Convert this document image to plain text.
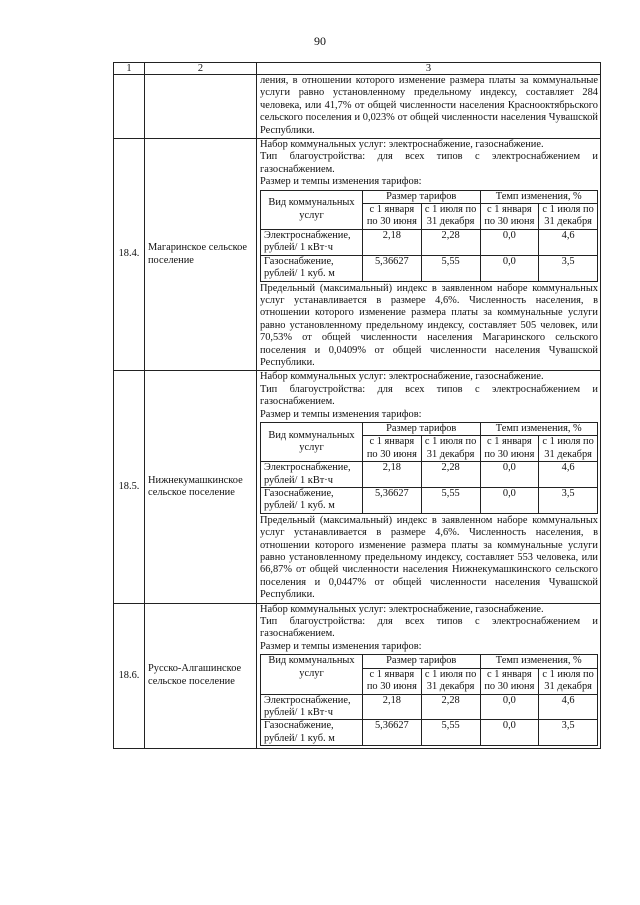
90
1	2	3

ления, в отношении которого изменение размера платы за коммунальные услуги равно установленному предельному индексу, составляет 284 человека, или 41,7% от общей численности населения Краснооктябрьского сельского поселения и 0,023% от общей численности населения Чувашской Республики.

18.4.	Магаринское сельское поселение	
Набор коммунальных услуг: электроснабжение, газоснабжение.
Тип благоустройства: для всех типов с электроснабжением и газоснабжением.
Размер и темпы изменения тарифов:
Вид коммунальных услуг	Размер тарифов	Темп изменения, %
с 1 января по 30 июня	с 1 июля по 31 декабря	с 1 января по 30 июня	с 1 июля по 31 декабря
Электроснабжение, рублей/ 1 кВт·ч	2,18	2,28	0,0	4,6
Газоснабжение, рублей/ 1 куб. м	5,36627	5,55	0,0	3,5

Предельный (максимальный) индекс в заявленном наборе коммунальных услуг устанавливается в размере 4,6%. Численность населения, в отношении которого изменение размера платы за коммунальные услуги равно установленному предельному индексу, составляет 505 человек, или 70,53% от общей численности населения Магаринского сельского поселения и 0,0409% от общей численности населения Чувашской Республики.

18.5.	Нижнекумашкинское сельское поселение	
Набор коммунальных услуг: электроснабжение, газоснабжение.
Тип благоустройства: для всех типов с электроснабжением и газоснабжением.
Размер и темпы изменения тарифов:
Вид коммунальных услуг	Размер тарифов	Темп изменения, %
с 1 января по 30 июня	с 1 июля по 31 декабря	с 1 января по 30 июня	с 1 июля по 31 декабря
Электроснабжение, рублей/ 1 кВт·ч	2,18	2,28	0,0	4,6
Газоснабжение, рублей/ 1 куб. м	5,36627	5,55	0,0	3,5

Предельный (максимальный) индекс в заявленном наборе коммунальных услуг устанавливается в размере 4,6%. Численность населения, в отношении которого изменение размера платы за коммунальные услуги равно установленному предельному индексу, составляет 553 человека, или 66,87% от общей численности населения Нижнекумашкинского сельского поселения и 0,0447% от общей численности населения Чувашской Республики.

18.6.	Русско-Алгашинское сельское поселение	
Набор коммунальных услуг: электроснабжение, газоснабжение.
Тип благоустройства: для всех типов с электроснабжением и газоснабжением.
Размер и темпы изменения тарифов:
Вид коммунальных услуг	Размер тарифов	Темп изменения, %
с 1 января по 30 июня	с 1 июля по 31 декабря	с 1 января по 30 июня	с 1 июля по 31 декабря
Электроснабжение, рублей/ 1 кВт·ч	2,18	2,28	0,0	4,6
Газоснабжение, рублей/ 1 куб. м	5,36627	5,55	0,0	3,5
